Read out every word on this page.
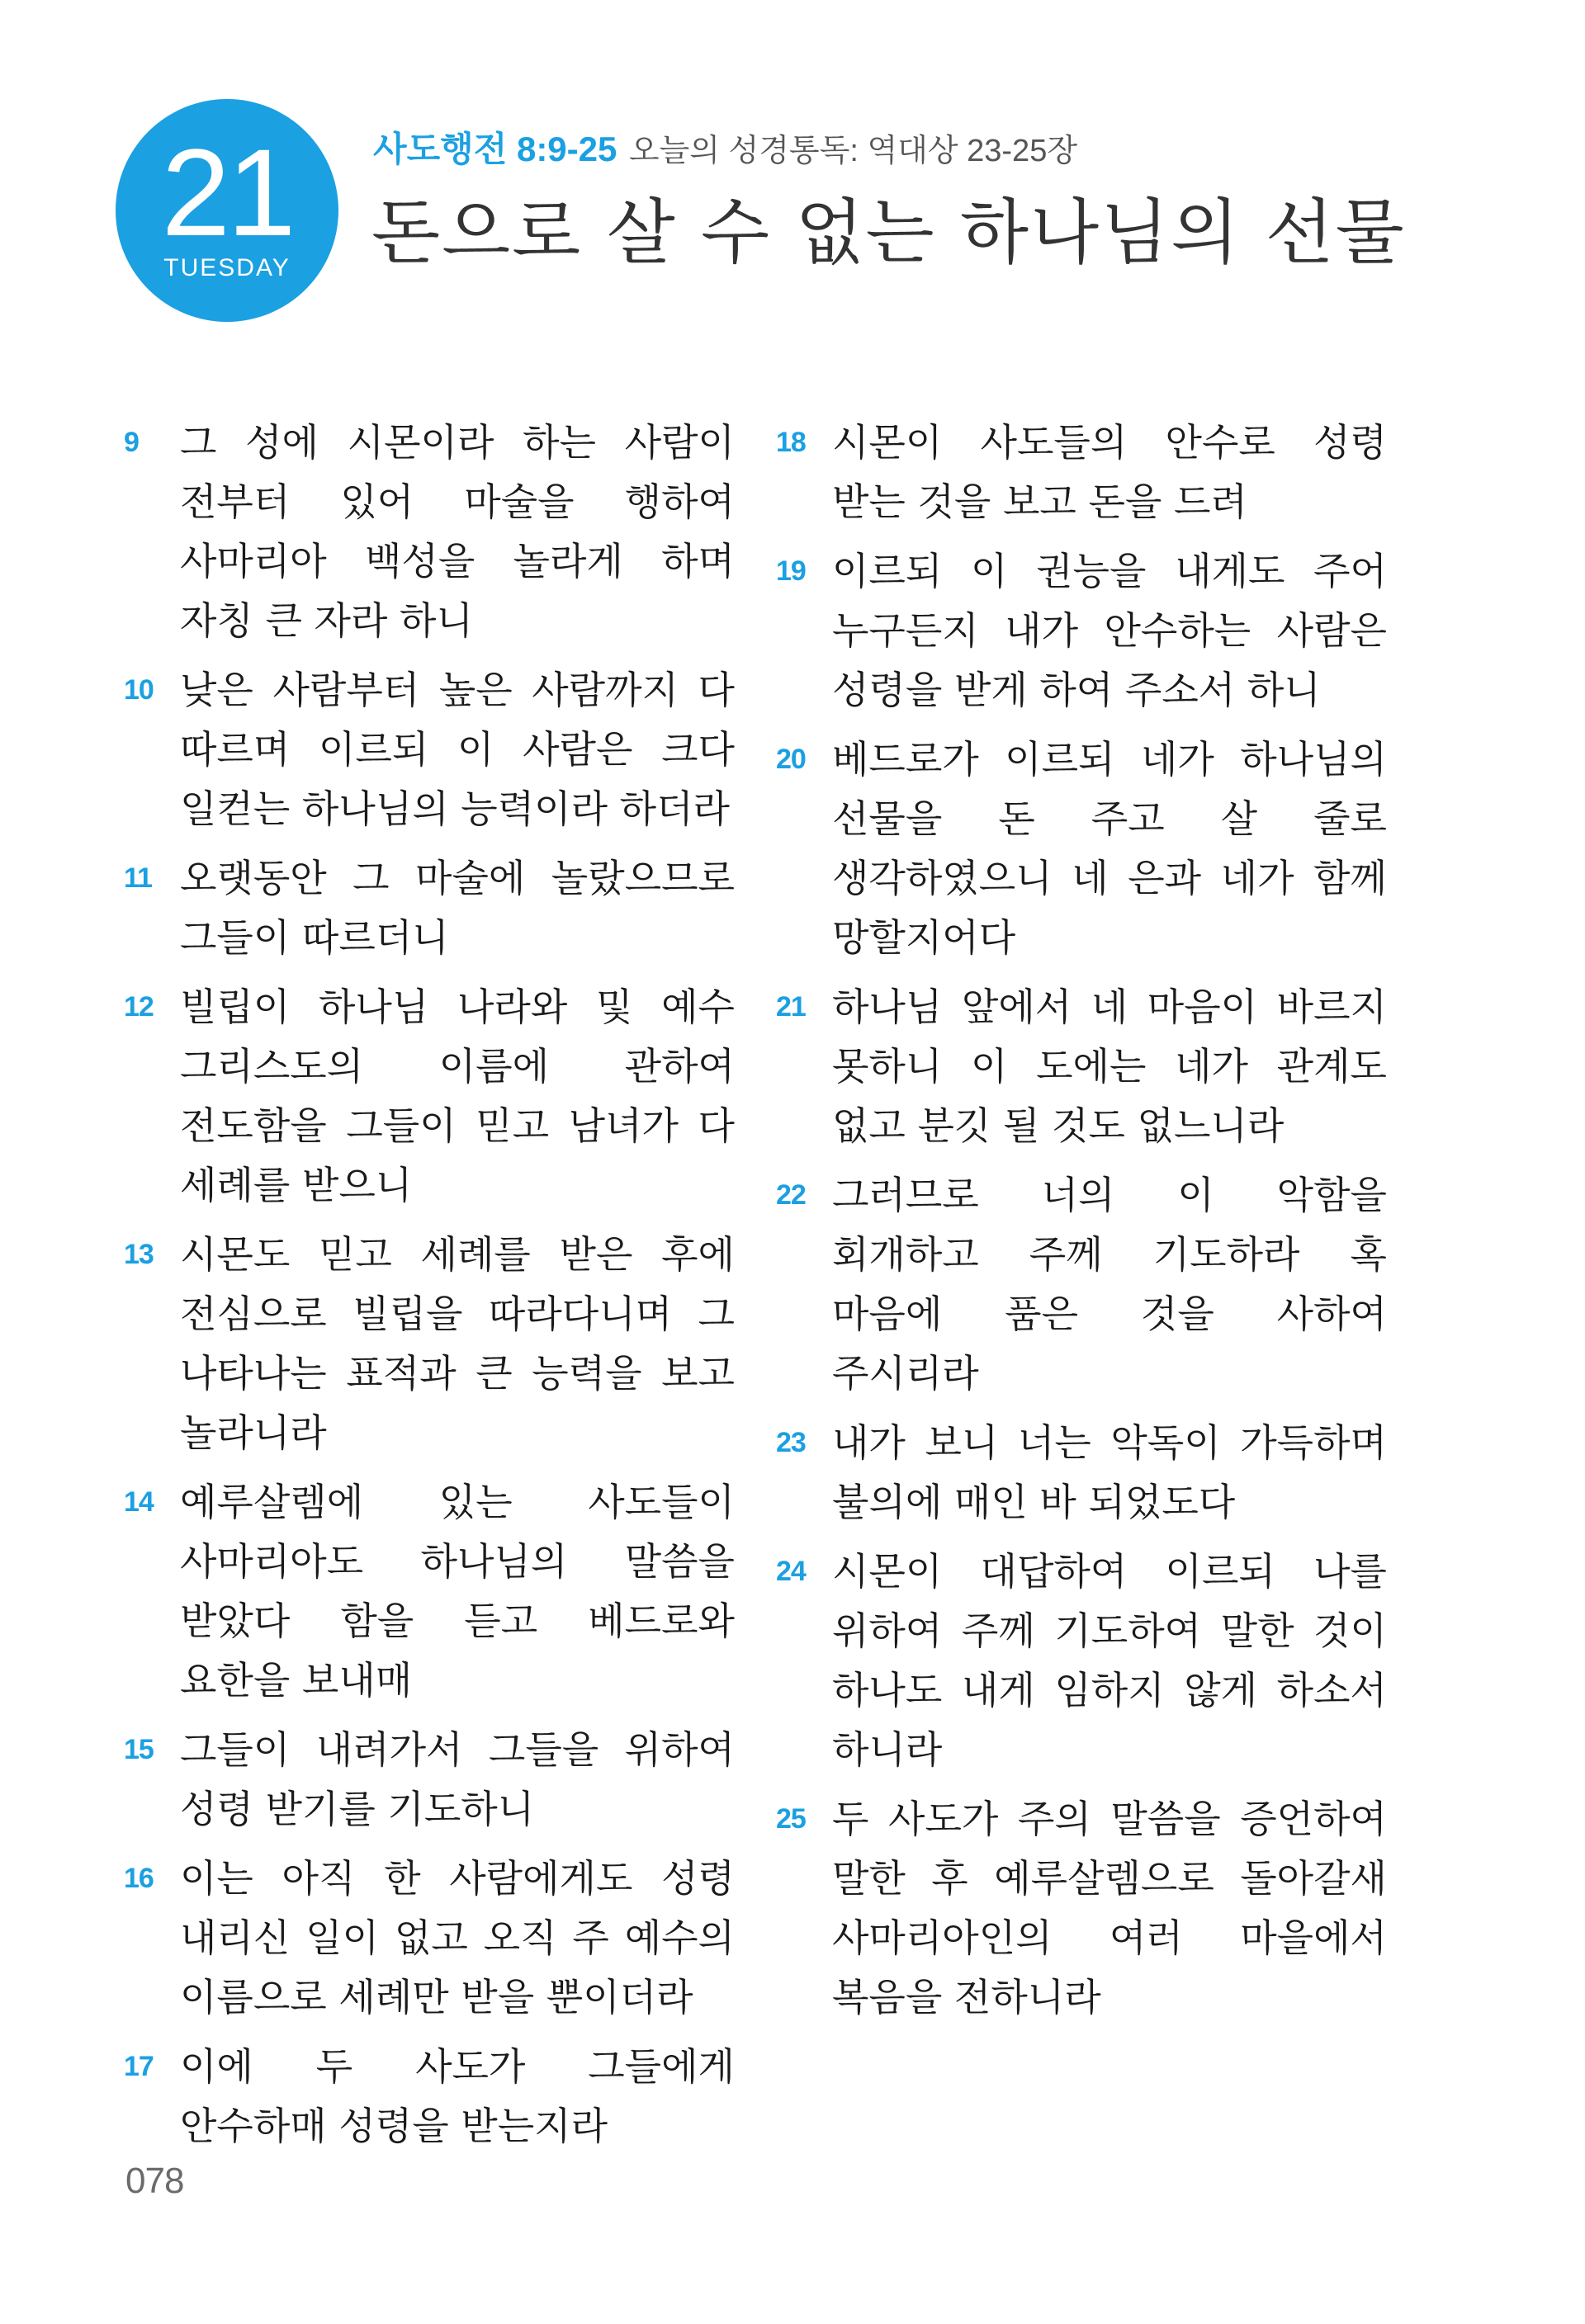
21
TUESDAY
사도행전 8:9-25 오늘의 성경통독: 역대상 23-25장
돈으로 살 수 없는 하나님의 선물
9 그 성에 시몬이라 하는 사람이 전부터 있어 마술을 행하여 사마리아 백성을 놀라게 하며 자칭 큰 자라 하니
10 낮은 사람부터 높은 사람까지 다 따르며 이르되 이 사람은 크다 일컫는 하나님의 능력이라 하더라
11 오랫동안 그 마술에 놀랐으므로 그들이 따르더니
12 빌립이 하나님 나라와 및 예수 그리스도의 이름에 관하여 전도함을 그들이 믿고 남녀가 다 세례를 받으니
13 시몬도 믿고 세례를 받은 후에 전심으로 빌립을 따라다니며 그 나타나는 표적과 큰 능력을 보고 놀라니라
14 예루살렘에 있는 사도들이 사마리아도 하나님의 말씀을 받았다 함을 듣고 베드로와 요한을 보내매
15 그들이 내려가서 그들을 위하여 성령 받기를 기도하니
16 이는 아직 한 사람에게도 성령 내리신 일이 없고 오직 주 예수의 이름으로 세례만 받을 뿐이더라
17 이에 두 사도가 그들에게 안수하매 성령을 받는지라
18 시몬이 사도들의 안수로 성령 받는 것을 보고 돈을 드려
19 이르되 이 권능을 내게도 주어 누구든지 내가 안수하는 사람은 성령을 받게 하여 주소서 하니
20 베드로가 이르되 네가 하나님의 선물을 돈 주고 살 줄로 생각하였으니 네 은과 네가 함께 망할지어다
21 하나님 앞에서 네 마음이 바르지 못하니 이 도에는 네가 관계도 없고 분깃 될 것도 없느니라
22 그러므로 너의 이 악함을 회개하고 주께 기도하라 혹 마음에 품은 것을 사하여 주시리라
23 내가 보니 너는 악독이 가득하며 불의에 매인 바 되었도다
24 시몬이 대답하여 이르되 나를 위하여 주께 기도하여 말한 것이 하나도 내게 임하지 않게 하소서 하니라
25 두 사도가 주의 말씀을 증언하여 말한 후 예루살렘으로 돌아갈새 사마리아인의 여러 마을에서 복음을 전하니라
078
